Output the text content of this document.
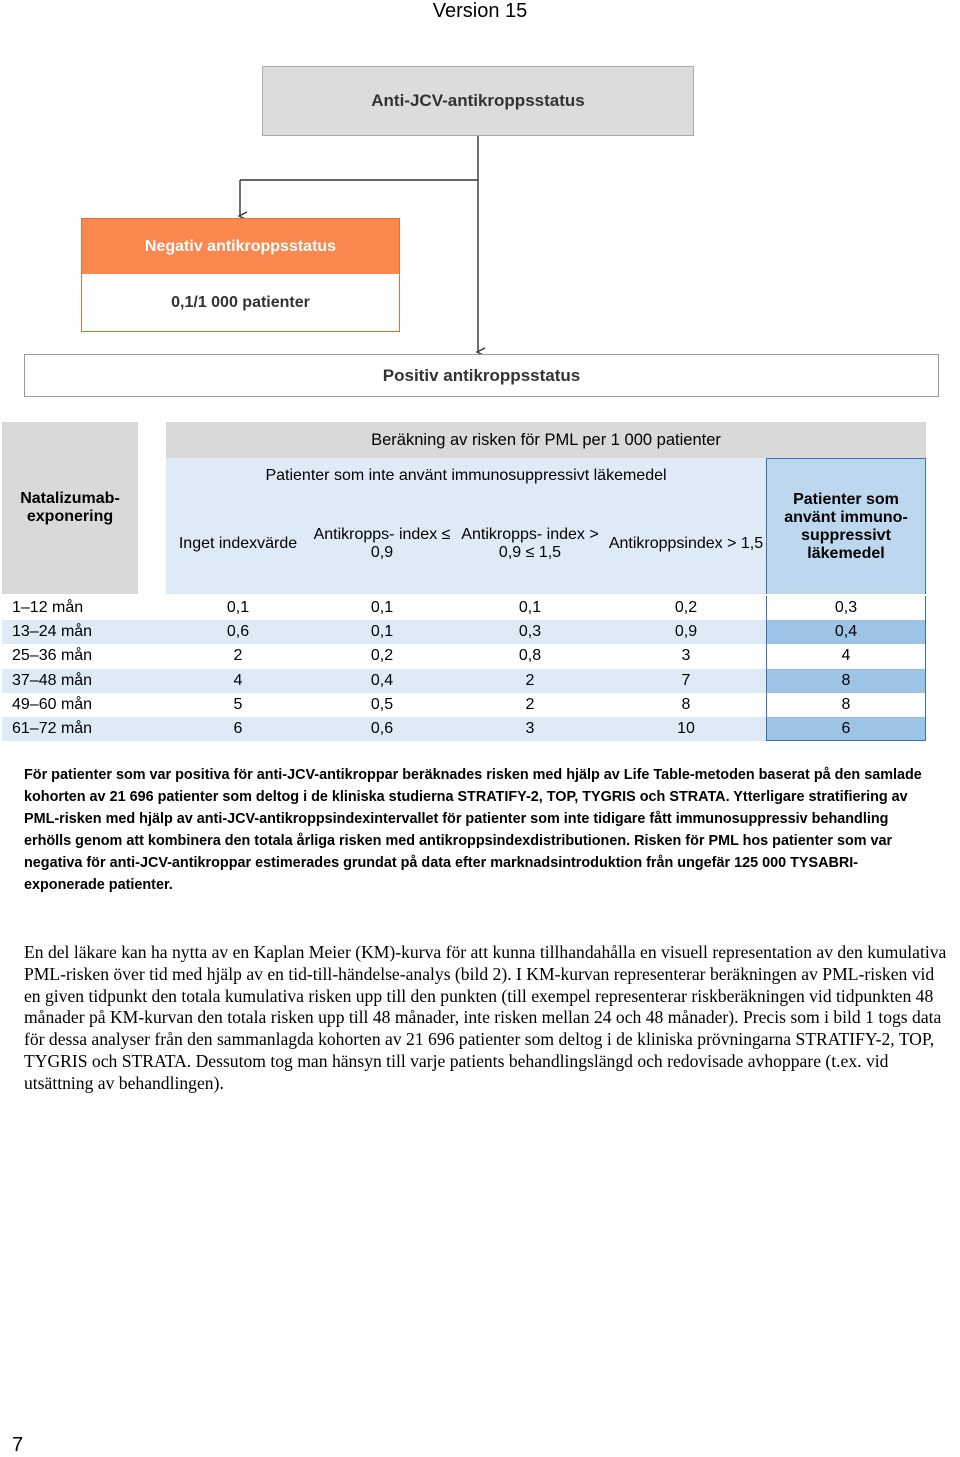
Version 15
Anti-JCV-antikroppsstatus
Negativ antikroppsstatus
0,1/1 000 patienter
Positiv antikroppsstatus
Natalizumab- exponering
Beräkning av risken för PML per 1 000 patienter
Patienter som inte använt immunosuppressivt läkemedel
Inget indexvärde
Antikropps- index ≤ 0,9
Antikropps- index > 0,9 ≤ 1,5
Antikroppsindex > 1,5
Patienter som använt immuno- suppressivt läkemedel
1–12 mån	0,1	0,1	0,1	0,2	0,3
13–24 mån	0,6	0,1	0,3	0,9	0,4
25–36 mån	2	0,2	0,8	3	4
37–48 mån	4	0,4	2	7	8
49–60 mån	5	0,5	2	8	8
61–72 mån	6	0,6	3	10	6
För patienter som var positiva för anti-JCV-antikroppar beräknades risken med hjälp av Life Table-metoden baserat på den samlade kohorten av 21 696 patienter som deltog i de kliniska studierna STRATIFY-2, TOP, TYGRIS och STRATA. Ytterligare stratifiering av PML-risken med hjälp av anti-JCV-antikroppsindexintervallet för patienter som inte tidigare fått immunosuppressiv behandling erhölls genom att kombinera den totala årliga risken med antikroppsindexdistributionen. Risken för PML hos patienter som var negativa för anti-JCV-antikroppar estimerades grundat på data efter marknadsintroduktion från ungefär 125 000 TYSABRI-exponerade patienter.
En del läkare kan ha nytta av en Kaplan Meier (KM)-kurva för att kunna tillhandahålla en visuell representation av den kumulativa PML-risken över tid med hjälp av en tid-till-händelse-analys (bild 2). I KM-kurvan representerar beräkningen av PML-risken vid en given tidpunkt den totala kumulativa risken upp till den punkten (till exempel representerar riskberäkningen vid tidpunkten 48 månader på KM-kurvan den totala risken upp till 48 månader, inte risken mellan 24 och 48 månader). Precis som i bild 1 togs data för dessa analyser från den sammanlagda kohorten av 21 696 patienter som deltog i de kliniska prövningarna STRATIFY-2, TOP, TYGRIS och STRATA. Dessutom tog man hänsyn till varje patients behandlingslängd och redovisade avhoppare (t.ex. vid utsättning av behandlingen).
7
